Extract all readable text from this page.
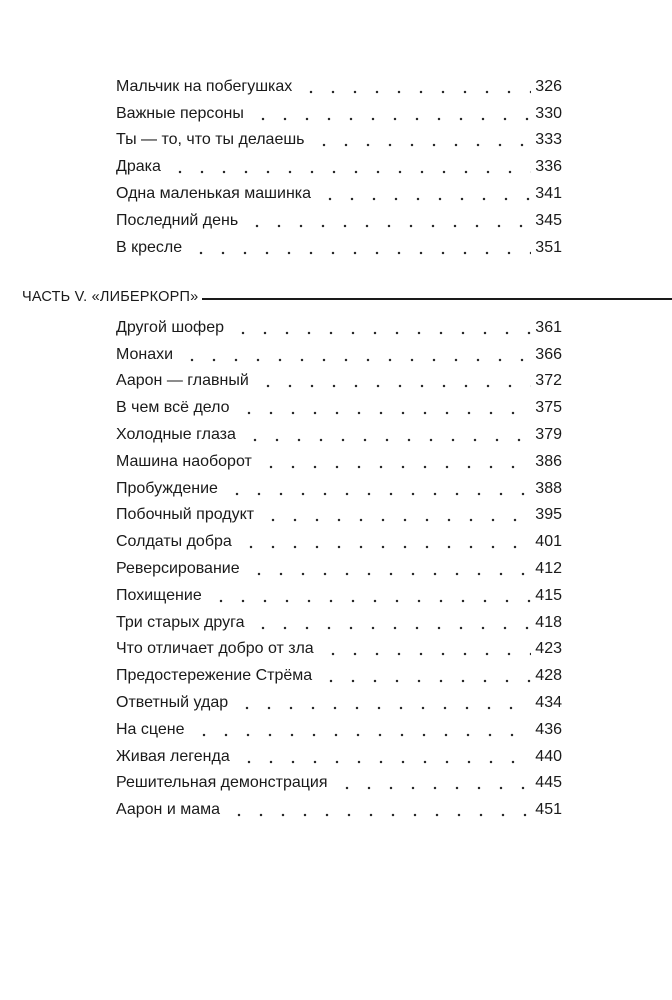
Мальчик на побегушках	326
Важные персоны	330
Ты — то, что ты делаешь	333
Драка	336
Одна маленькая машинка	341
Последний день	345
В кресле	351
ЧАСТЬ V. «ЛИБЕРКОРП»
Другой шофер	361
Монахи	366
Аарон — главный	372
В чем всё дело	375
Холодные глаза	379
Машина наоборот	386
Пробуждение	388
Побочный продукт	395
Солдаты добра	401
Реверсирование	412
Похищение	415
Три старых друга	418
Что отличает добро от зла	423
Предостережение Стрёма	428
Ответный удар	434
На сцене	436
Живая легенда	440
Решительная демонстрация	445
Аарон и мама	451
